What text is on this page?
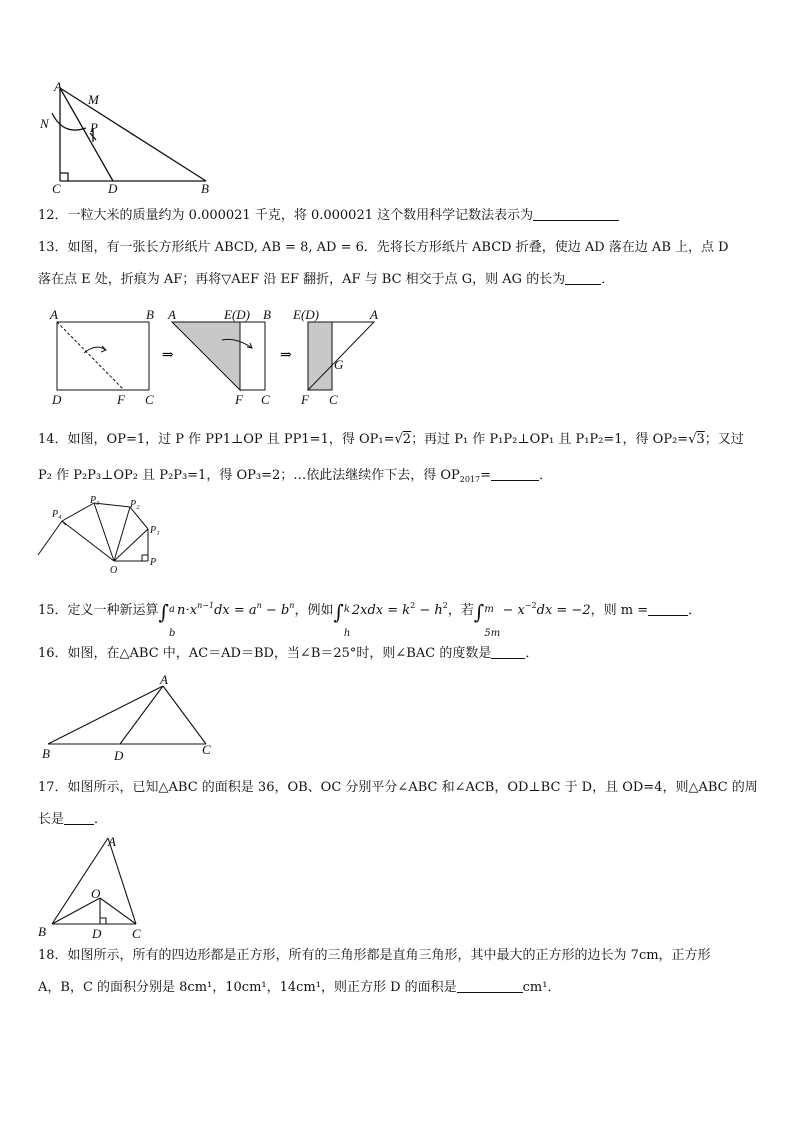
A
M
N	P
C	D	B
12．一粒大米的质量约为 0.000021 千克，将 0.000021 这个数用科学记数法表示为
13．如图，有一张长方形纸片 ABCD, AB = 8, AD = 6．先将长方形纸片 ABCD 折叠，使边 AD 落在边 AB 上，点 D
落在点 E 处，折痕为 AF；再将▽AEF 沿 EF 翻折，AF 与 BC 相交于点 G，则 AG 的长为	．
A	B
D	F C
⇒
A	E(D) B
F C
⇒
E(D)	A
G
F C
14．如图，OP=1，过 P 作 PP1⊥OP 且 PP1=1，得 OP₁=√2；再过 P₁ 作 P₁P₂⊥OP₁ 且 P₁P₂=1，得 OP₂=√3；又过
P₂ 作 P₂P₃⊥OP₂ 且 P₂P₃=1，得 OP₃=2；…依此法继续作下去，得 $OP_{2017}=$	．
O
P
P₁
P₂
P₃
P₄
15．定义一种新运算∫ a
b
$n\cdot x^{n-1}dx = a^n - b^n$，例如∫ k
h
$2xdx = k^2 - h^2$，若∫ m
5m
− $x^{-2}dx = -2$，则 m =	．
16．如图，在△ABC 中，AC＝AD＝BD，当∠B＝25°时，则∠BAC 的度数是	．
A
B	D	C
17．如图所示，已知△ABC 的面积是 36，OB、OC 分别平分∠ABC 和∠ACB，OD⊥BC 于 D，且 OD=4，则△ABC 的周
长是 ．
A
B	C
O
D
18．如图所示，所有的四边形都是正方形，所有的三角形都是直角三角形，其中最大的正方形的边长为 7cm，正方形
A，B，C 的面积分别是 8cm¹，10cm¹，14cm¹，则正方形 D 的面积是	cm¹．
